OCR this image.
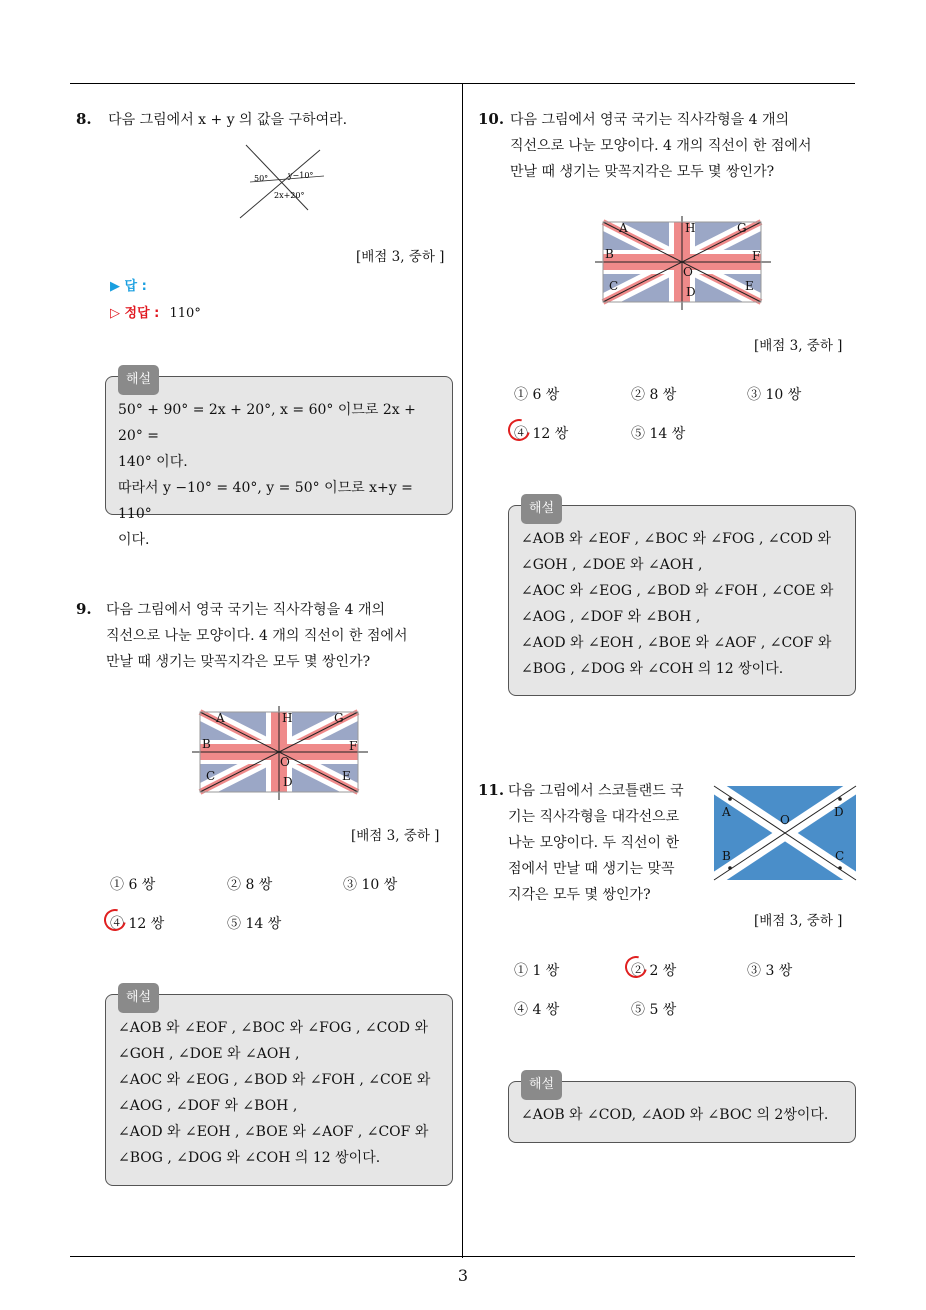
3
8. 다음 그림에서 x + y 의 값을 구하여라.
50° y−10°
2x+20°
[배점 3, 중하 ]
▶ 답 :
▷ 정답 : 110°
해설
50° + 90° = 2x + 20°, x = 60° 이므로 2x + 20° =
140° 이다.
따라서 y −10° = 40°, y = 50° 이므로 x+y = 110°
이다.
9. 다음 그림에서 영국 국기는 직사각형을 4 개의
직선으로 나눈 모양이다. 4 개의 직선이 한 점에서
만날 때 생기는 맞꼭지각은 모두 몇 쌍인가?
A	H	G
B	F
O
C	D	E
[배점 3, 중하 ]
① 6 쌍	② 8 쌍	③ 10 쌍
④ 12 쌍	⑤ 14 쌍
해설
∠AOB 와 ∠EOF , ∠BOC 와 ∠FOG , ∠COD 와
∠GOH , ∠DOE 와 ∠AOH ,
∠AOC 와 ∠EOG , ∠BOD 와 ∠FOH , ∠COE 와
∠AOG , ∠DOF 와 ∠BOH ,
∠AOD 와 ∠EOH , ∠BOE 와 ∠AOF , ∠COF 와
∠BOG , ∠DOG 와 ∠COH 의 12 쌍이다.
10. 다음 그림에서 영국 국기는 직사각형을 4 개의
직선으로 나눈 모양이다. 4 개의 직선이 한 점에서
만날 때 생기는 맞꼭지각은 모두 몇 쌍인가?
A	H	G
B	F
O
C	D	E
[배점 3, 중하 ]
① 6 쌍	② 8 쌍	③ 10 쌍
④ 12 쌍	⑤ 14 쌍
해설
∠AOB 와 ∠EOF , ∠BOC 와 ∠FOG , ∠COD 와
∠GOH , ∠DOE 와 ∠AOH ,
∠AOC 와 ∠EOG , ∠BOD 와 ∠FOH , ∠COE 와
∠AOG , ∠DOF 와 ∠BOH ,
∠AOD 와 ∠EOH , ∠BOE 와 ∠AOF , ∠COF 와
∠BOG , ∠DOG 와 ∠COH 의 12 쌍이다.
11. 다음 그림에서 스코틀랜드 국
기는 직사각형을 대각선으로
나눈 모양이다. 두 직선이 한
점에서 만날 때 생기는 맞꼭
지각은 모두 몇 쌍인가?
A
O
D
B	C
[배점 3, 중하 ]
① 1 쌍	② 2 쌍	③ 3 쌍
④ 4 쌍	⑤ 5 쌍
해설
∠AOB 와 ∠COD, ∠AOD 와 ∠BOC 의 2쌍이다.
